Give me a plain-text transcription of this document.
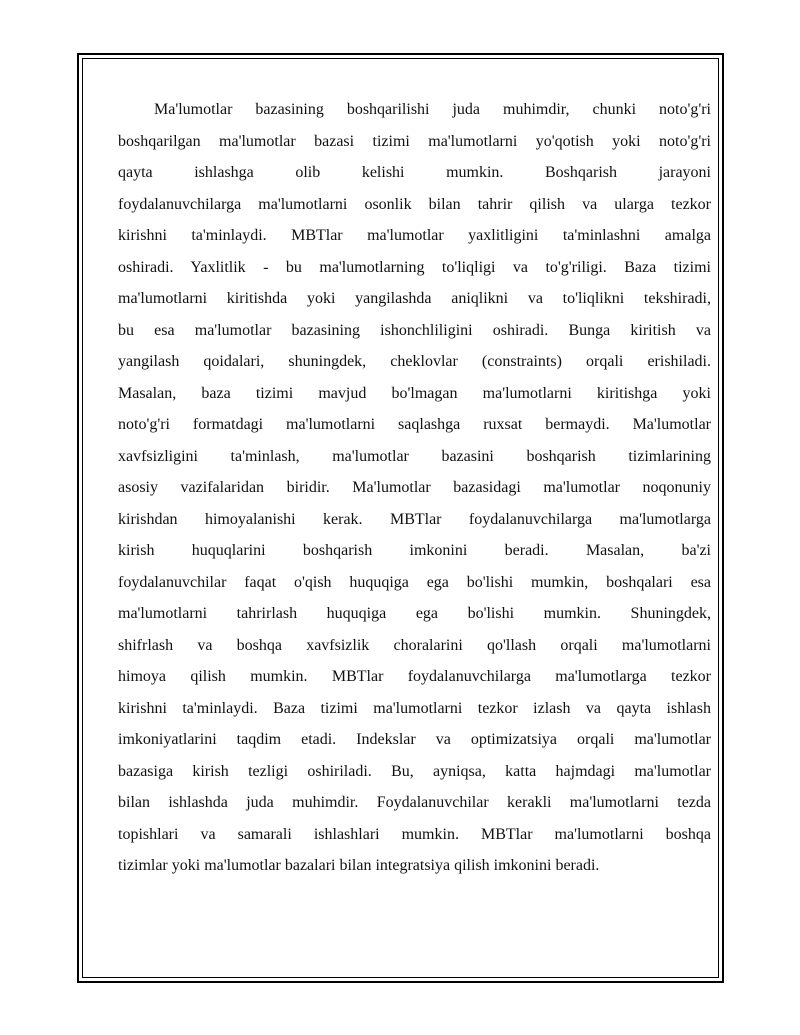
Ma'lumotlar bazasining boshqarilishi juda muhimdir, chunki noto'g'ri
boshqarilgan ma'lumotlar bazasi tizimi ma'lumotlarni yo'qotish yoki noto'g'ri
qayta ishlashga olib kelishi mumkin. Boshqarish jarayoni
foydalanuvchilarga ma'lumotlarni osonlik bilan tahrir qilish va ularga tezkor
kirishni ta'minlaydi. MBTlar ma'lumotlar yaxlitligini ta'minlashni amalga
oshiradi. Yaxlitlik - bu ma'lumotlarning to'liqligi va to'g'riligi. Baza tizimi
ma'lumotlarni kiritishda yoki yangilashda aniqlikni va to'liqlikni tekshiradi,
bu esa ma'lumotlar bazasining ishonchliligini oshiradi. Bunga kiritish va
yangilash qoidalari, shuningdek, cheklovlar (constraints) orqali erishiladi.
Masalan, baza tizimi mavjud bo'lmagan ma'lumotlarni kiritishga yoki
noto'g'ri formatdagi ma'lumotlarni saqlashga ruxsat bermaydi. Ma'lumotlar
xavfsizligini ta'minlash, ma'lumotlar bazasini boshqarish tizimlarining
asosiy vazifalaridan biridir. Ma'lumotlar bazasidagi ma'lumotlar noqonuniy
kirishdan himoyalanishi kerak. MBTlar foydalanuvchilarga ma'lumotlarga
kirish huquqlarini boshqarish imkonini beradi. Masalan, ba'zi
foydalanuvchilar faqat o'qish huquqiga ega bo'lishi mumkin, boshqalari esa
ma'lumotlarni tahrirlash huquqiga ega bo'lishi mumkin. Shuningdek,
shifrlash va boshqa xavfsizlik choralarini qo'llash orqali ma'lumotlarni
himoya qilish mumkin. MBTlar foydalanuvchilarga ma'lumotlarga tezkor
kirishni ta'minlaydi. Baza tizimi ma'lumotlarni tezkor izlash va qayta ishlash
imkoniyatlarini taqdim etadi. Indekslar va optimizatsiya orqali ma'lumotlar
bazasiga kirish tezligi oshiriladi. Bu, ayniqsa, katta hajmdagi ma'lumotlar
bilan ishlashda juda muhimdir. Foydalanuvchilar kerakli ma'lumotlarni tezda
topishlari va samarali ishlashlari mumkin. MBTlar ma'lumotlarni boshqa
tizimlar yoki ma'lumotlar bazalari bilan integratsiya qilish imkonini beradi.
